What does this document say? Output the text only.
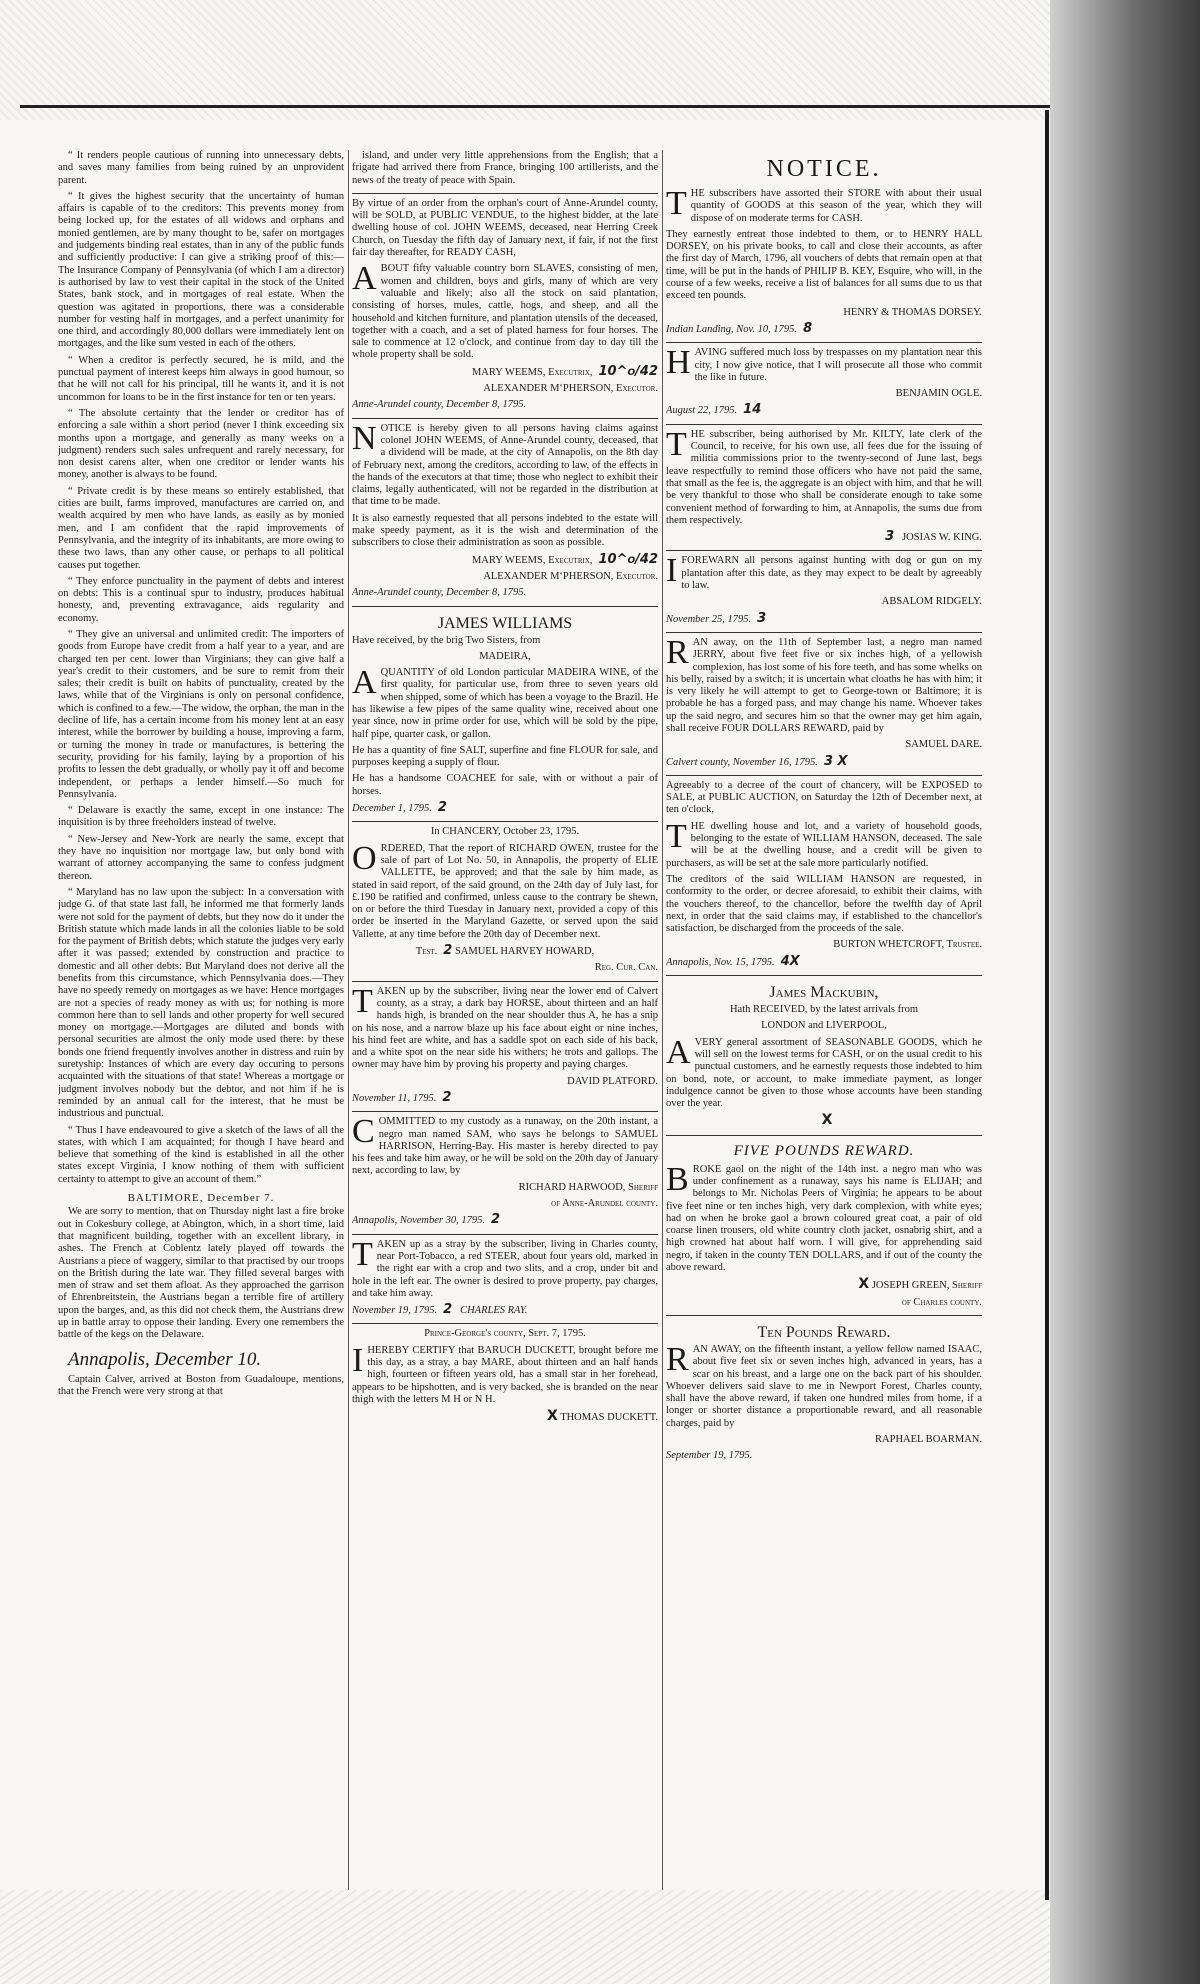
“ It renders people cautious of running into unnecessary debts, and saves many families from being ruined by an unprovident parent.

“ It gives the highest security that the uncertainty of human affairs is capable of to the creditors: This prevents money from being locked up, for the estates of all widows and orphans and monied gentlemen, are by many thought to be, safer on mortgages and judgements binding real estates, than in any of the public funds and sufficiently productive: I can give a striking proof of this:—The Insurance Company of Pennsylvania (of which I am a director) is authorised by law to vest their capital in the stock of the United States, bank stock, and in mortgages of real estate. When the question was agitated in proportions, there was a considerable number for vesting half in mortgages, and a perfect unanimity for one third, and accordingly 80,000 dollars were immediately lent on mortgages, and the like sum vested in each of the others.

“ When a creditor is perfectly secured, he is mild, and the punctual payment of interest keeps him always in good humour, so that he will not call for his principal, till he wants it, and it is not uncommon for loans to be in the first instance for ten or ten years.

“ The absolute certainty that the lender or creditor has of enforcing a sale within a short period (never I think exceeding six months upon a mortgage, and generally as many weeks on a judgment) renders such sales unfrequent and rarely necessary, for non desist carens alter, when one creditor or lender wants his money, another is always to be found.

“ Private credit is by these means so entirely established, that cities are built, farms improved, manufactures are carried on, and wealth acquired by men who have lands, as easily as by monied men, and I am confident that the rapid improvements of Pennsylvania, and the integrity of its inhabitants, are more owing to these two laws, than any other cause, or perhaps to all political causes put together.

“ They enforce punctuality in the payment of debts and interest on debts: This is a continual spur to industry, produces habitual honesty, and, preventing extravagance, aids regularity and economy.

“ They give an universal and unlimited credit: The importers of goods from Europe have credit from a half year to a year, and are charged ten per cent. lower than Virginians; they can give half a year's credit to their customers, and be sure to remit from their sales; their credit is built on habits of punctuality, created by the laws, while that of the Virginians is only on personal confidence, which is confined to a few.—The widow, the orphan, the man in the decline of life, has a certain income from his money lent at an easy interest, while the borrower by building a house, improving a farm, or turning the money in trade or manufactures, is bettering the security, providing for his family, laying by a proportion of his profits to lessen the debt gradually, or wholly pay it off and become independent, or perhaps a lender himself.—So much for Pennsylvania.

“ Delaware is exactly the same, except in one instance: The inquisition is by three freeholders instead of twelve.

“ New-Jersey and New-York are nearly the same, except that they have no inquisition nor mortgage law, but only bond with warrant of attorney accompanying the same to confess judgment thereon.

“ Maryland has no law upon the subject: In a conversation with judge G. of that state last fall, he informed me that formerly lands were not sold for the payment of debts, but they now do it under the British statute which made lands in all the colonies liable to be sold for the payment of British debts; which statute the judges very early after it was passed; extended by construction and practice to domestic and all other debts: But Maryland does not derive all the benefits from this circumstance, which Pennsylvania does.—They have no speedy remedy on mortgages as we have: Hence mortgages are not a species of ready money as with us; for nothing is more common here than to sell lands and other property for well secured money on mortgage.—Mortgages are diluted and bonds with personal securities are almost the only mode used there: by these bonds one friend frequently involves another in distress and ruin by suretyship: Instances of which are every day occuring to persons acquainted with the situations of that state! Whereas a mortgage or judgment involves nobody but the debtor, and not him if he is reminded by an annual call for the interest, that he must be industrious and punctual.

“ Thus I have endeavoured to give a sketch of the laws of all the states, with which I am acquainted; for though I have heard and believe that something of the kind is established in all the other states except Virginia, I know nothing of them with sufficient certainty to attempt to give an account of them.”

BALTIMORE, December 7.

We are sorry to mention, that on Thursday night last a fire broke out in Cokesbury college, at Abington, which, in a short time, laid that magnificent building, together with an excellent library, in ashes. The French at Coblentz lately played off towards the Austrians a piece of waggery, similar to that practised by our troops on the British during the late war. They filled several barges with men of straw and set them afloat. As they approached the garrison of Ehrenbreitstein, the Austrians began a terrible fire of artillery upon the barges, and, as this did not check them, the Austrians drew up in battle array to oppose their landing. Every one remembers the battle of the kegs on the Delaware.

Annapolis, December 10.

Captain Calver, arrived at Boston from Guadaloupe, mentions, that the French were very strong at that

island, and under very little apprehensions from the English; that a frigate had arrived there from France, bringing 100 artillerists, and the news of the treaty of peace with Spain.

By virtue of an order from the orphan's court of Anne-Arundel county, will be SOLD, at PUBLIC VENDUE, to the highest bidder, at the late dwelling house of col. JOHN WEEMS, deceased, near Herring Creek Church, on Tuesday the fifth day of January next, if fair, if not the first fair day thereafter, for READY CASH,

ABOUT fifty valuable country born SLAVES, consisting of men, women and children, boys and girls, many of which are very valuable and likely; also all the stock on said plantation, consisting of horses, mules, cattle, hogs, and sheep, and all the household and kitchen furniture, and plantation utensils of the deceased, together with a coach, and a set of plated harness for four horses. The sale to commence at 12 o'clock, and continue from day to day till the whole property shall be sold.

MARY WEEMS, Executrix, 10^o/42

ALEXANDER M‘PHERSON, Executor.

Anne-Arundel county, December 8, 1795.

NOTICE is hereby given to all persons having claims against colonel JOHN WEEMS, of Anne-Arundel county, deceased, that a dividend will be made, at the city of Annapolis, on the 8th day of February next, among the creditors, according to law, of the effects in the hands of the executors at that time; those who neglect to exhibit their claims, legally authenticated, will not be regarded in the distribution at that time to be made.

It is also earnestly requested that all persons indebted to the estate will make speedy payment, as it is the wish and determination of the subscribers to close their administration as soon as possible.

MARY WEEMS, Executrix, 10^o/42

ALEXANDER M‘PHERSON, Executor.

Anne-Arundel county, December 8, 1795.

JAMES WILLIAMS

Have received, by the brig Two Sisters, from

MADEIRA,

AQUANTITY of old London particular MADEIRA WINE, of the first quality, for particular use, from three to seven years old when shipped, some of which has been a voyage to the Brazil. He has likewise a few pipes of the same quality wine, received about one year since, now in prime order for use, which will be sold by the pipe, half pipe, quarter cask, or gallon.

He has a quantity of fine SALT, superfine and fine FLOUR for sale, and purposes keeping a supply of flour.

He has a handsome COACHEE for sale, with or without a pair of horses.

December 1, 1795. 2

In CHANCERY, October 23, 1795.

ORDERED, That the report of RICHARD OWEN, trustee for the sale of part of Lot No. 50, in Annapolis, the property of ELIE VALLETTE, be approved; and that the sale by him made, as stated in said report, of the said ground, on the 24th day of July last, for £.190 be ratified and confirmed, unless cause to the contrary be shewn, on or before the third Tuesday in January next, provided a copy of this order be inserted in the Maryland Gazette, or served upon the said Vallette, at any time before the 20th day of December next.

Test. 2 SAMUEL HARVEY HOWARD,

Reg. Cur. Can.

TAKEN up by the subscriber, living near the lower end of Calvert county, as a stray, a dark bay HORSE, about thirteen and an half hands high, is branded on the near shoulder thus A, he has a snip on his nose, and a narrow blaze up his face about eight or nine inches, his hind feet are white, and has a saddle spot on each side of his back, and a white spot on the near side his withers; he trots and gallops. The owner may have him by proving his property and paying charges.

DAVID PLATFORD.

November 11, 1795. 2

COMMITTED to my custody as a runaway, on the 20th instant, a negro man named SAM, who says he belongs to SAMUEL HARRISON, Herring-Bay. His master is hereby directed to pay his fees and take him away, or he will be sold on the 20th day of January next, according to law, by

RICHARD HARWOOD, Sheriff

of Anne-Arundel county.

Annapolis, November 30, 1795. 2

TAKEN up as a stray by the subscriber, living in Charles county, near Port-Tobacco, a red STEER, about four years old, marked in the right ear with a crop and two slits, and a crop, under bit and hole in the left ear. The owner is desired to prove property, pay charges, and take him away.

November 19, 1795. 2 CHARLES RAY.

Prince-George's county, Sept. 7, 1795.

IHEREBY CERTIFY that BARUCH DUCKETT, brought before me this day, as a stray, a bay MARE, about thirteen and an half hands high, fourteen or fifteen years old, has a small star in her forehead, appears to be hipshotten, and is very backed, she is branded on the near thigh with the letters M H or N H.

X THOMAS DUCKETT.

NOTICE.

THE subscribers have assorted their STORE with about their usual quantity of GOODS at this season of the year, which they will dispose of on moderate terms for CASH.

They earnestly entreat those indebted to them, or to HENRY HALL DORSEY, on his private books, to call and close their accounts, as after the first day of March, 1796, all vouchers of debts that remain open at that time, will be put in the hands of PHILIP B. KEY, Esquire, who will, in the course of a few weeks, receive a list of balances for all sums due to us that exceed ten pounds.

HENRY & THOMAS DORSEY.

Indian Landing, Nov. 10, 1795. 8

HAVING suffered much loss by trespasses on my plantation near this city, I now give notice, that I will prosecute all those who commit the like in future.

BENJAMIN OGLE.

August 22, 1795. 14

THE subscriber, being authorised by Mr. KILTY, late clerk of the Council, to receive, for his own use, all fees due for the issuing of militia commissions prior to the twenty-second of June last, begs leave respectfully to remind those officers who have not paid the same, that small as the fee is, the aggregate is an object with him, and that he will be very thankful to those who shall be considerate enough to take some convenient method of forwarding to him, at Annapolis, the sums due from them respectively.

3 JOSIAS W. KING.

IFOREWARN all persons against hunting with dog or gun on my plantation after this date, as they may expect to be dealt by agreeably to law.

ABSALOM RIDGELY.

November 25, 1795. 3

RAN away, on the 11th of September last, a negro man named JERRY, about five feet five or six inches high, of a yellowish complexion, has lost some of his fore teeth, and has some whelks on his belly, raised by a switch; it is uncertain what cloaths he has with him; it is very likely he will attempt to get to George-town or Baltimore; it is probable he has a forged pass, and may change his name. Whoever takes up the said negro, and secures him so that the owner may get him again, shall receive FOUR DOLLARS REWARD, paid by

SAMUEL DARE.

Calvert county, November 16, 1795. 3 X

Agreeably to a decree of the court of chancery, will be EXPOSED to SALE, at PUBLIC AUCTION, on Saturday the 12th of December next, at ten o'clock,

THE dwelling house and lot, and a variety of household goods, belonging to the estate of WILLIAM HANSON, deceased. The sale will be at the dwelling house, and a credit will be given to purchasers, as will be set at the sale more particularly notified.

The creditors of the said WILLIAM HANSON are requested, in conformity to the order, or decree aforesaid, to exhibit their claims, with the vouchers thereof, to the chancellor, before the twelfth day of April next, in order that the said claims may, if established to the chancellor's satisfaction, be discharged from the proceeds of the sale.

BURTON WHETCROFT, Trustee.

Annapolis, Nov. 15, 1795. 4X

James Mackubin,

Hath RECEIVED, by the latest arrivals from

LONDON and LIVERPOOL,

AVERY general assortment of SEASONABLE GOODS, which he will sell on the lowest terms for CASH, or on the usual credit to his punctual customers, and he earnestly requests those indebted to him on bond, note, or account, to make immediate payment, as longer indulgence cannot be given to those whose accounts have been standing over the year.

X

FIVE POUNDS REWARD.

BROKE gaol on the night of the 14th inst. a negro man who was under confinement as a runaway, says his name is ELIJAH; and belongs to Mr. Nicholas Peers of Virginia; he appears to be about five feet nine or ten inches high, very dark complexion, with white eyes; had on when he broke gaol a brown coloured great coat, a pair of old coarse linen trousers, old white country cloth jacket, osnabrig shirt, and a high crowned hat about half worn. I will give, for apprehending said negro, if taken in the county TEN DOLLARS, and if out of the county the above reward.

X JOSEPH GREEN, Sheriff

of Charles county.

Ten Pounds Reward.

RAN AWAY, on the fifteenth instant, a yellow fellow named ISAAC, about five feet six or seven inches high, advanced in years, has a scar on his breast, and a large one on the back part of his shoulder. Whoever delivers said slave to me in Newport Forest, Charles county, shall have the above reward, if taken one hundred miles from home, if a longer or shorter distance a proportionable reward, and all reasonable charges, paid by

RAPHAEL BOARMAN.

September 19, 1795.
